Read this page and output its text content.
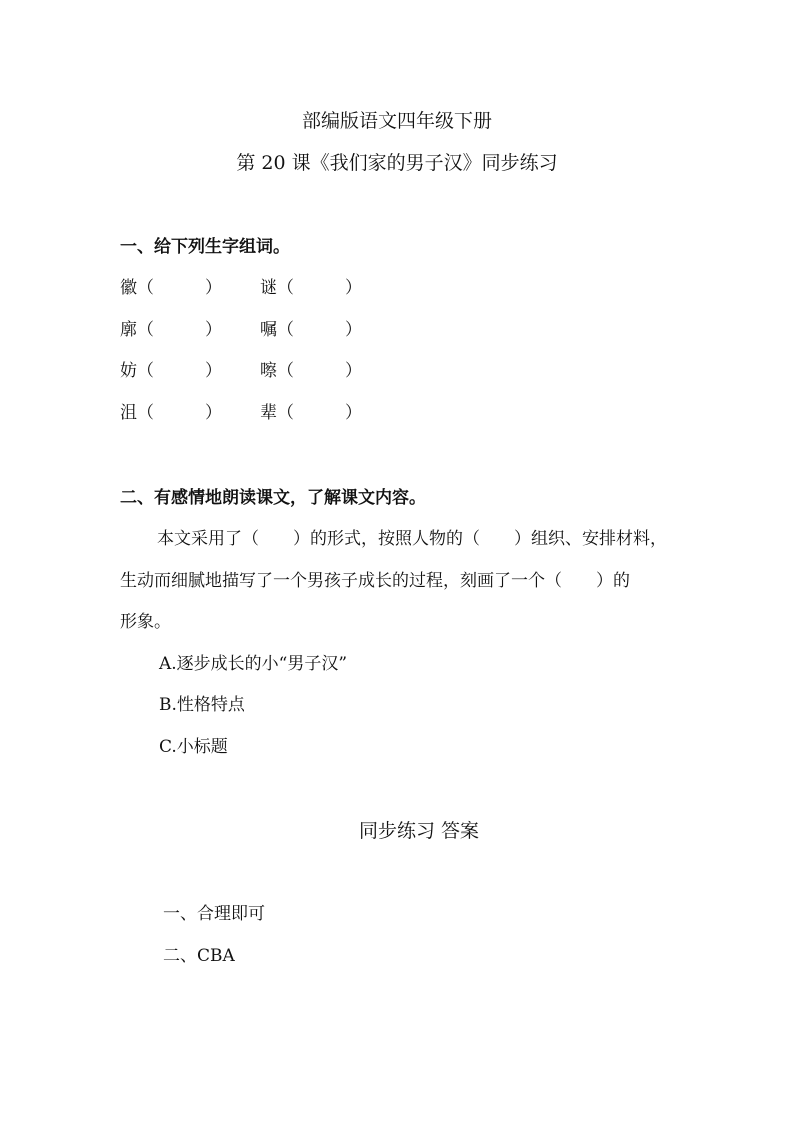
部编版语文四年级下册
第 20 课《我们家的男子汉》同步练习
一、给下列生字组词。
徽（　　　） 谜（　　　）
廓（　　　） 嘱（　　　）
妨（　　　） 嚓（　　　）
沮（　　　） 辈（　　　）
二、有感情地朗读课文，了解课文内容。
本文采用了（　　）的形式，按照人物的（　　）组织、安排材料，
生动而细腻地描写了一个男孩子成长的过程，刻画了一个（　　）的
形象。
A.逐步成长的小“男子汉”
B.性格特点
C.小标题
同步练习 答案
一、合理即可
二、CBA
